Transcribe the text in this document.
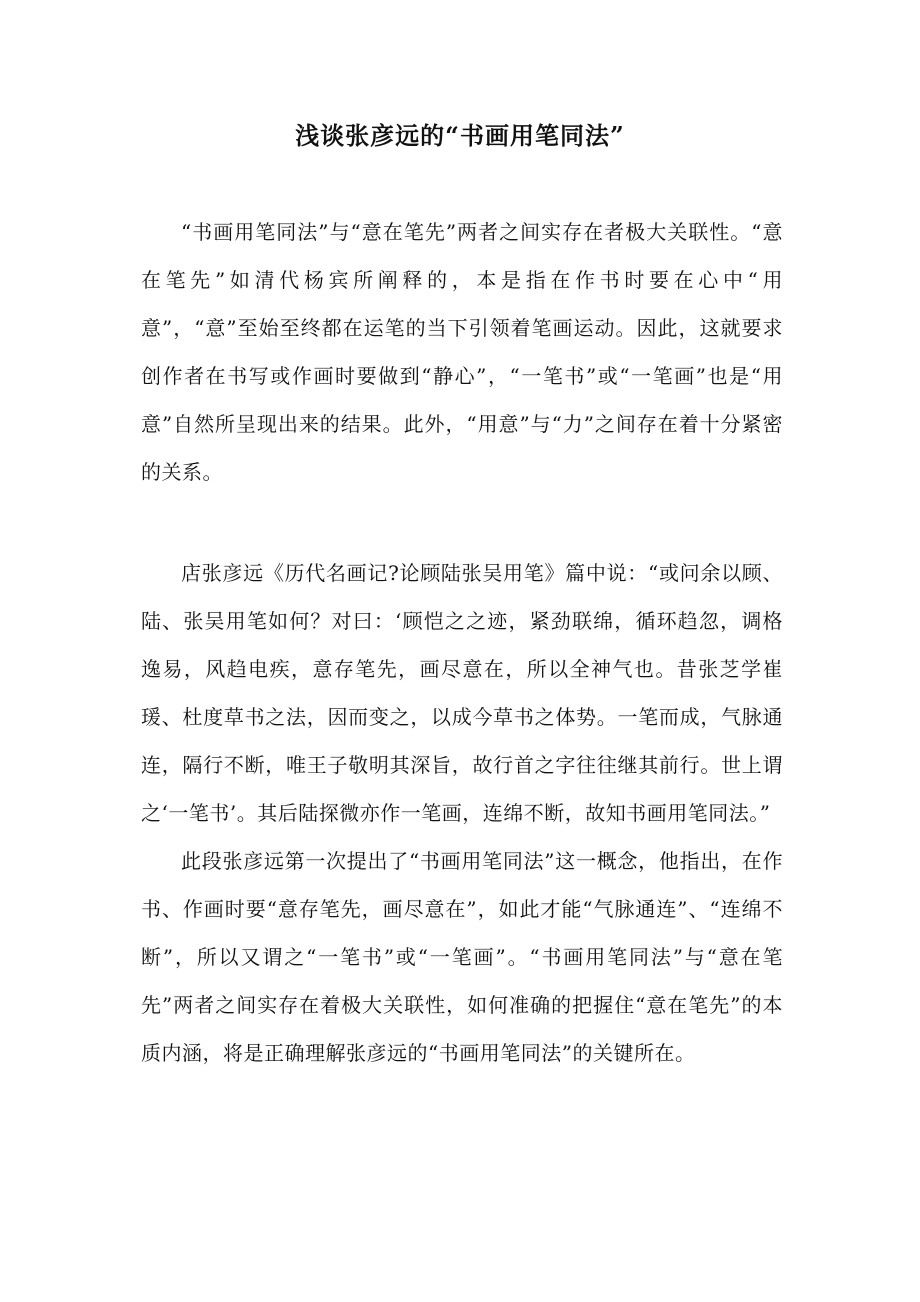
浅谈张彦远的“书画用笔同法”

“书画用笔同法”与“意在笔先”两者之间实存在者极大关联性。“意在笔先”如清代杨宾所阐释的，本是指在作书时要在心中“用意”，“意”至始至终都在运笔的当下引领着笔画运动。因此，这就要求创作者在书写或作画时要做到“静心”，“一笔书”或“一笔画”也是“用意”自然所呈现出来的结果。此外，“用意”与“力”之间存在着十分紧密的关系。

店张彦远《历代名画记?论顾陆张吴用笔》篇中说：“或问余以顾、陆、张吴用笔如何？对曰：‘顾恺之之迹，紧劲联绵，循环趋忽，调格逸易，风趋电疾，意存笔先，画尽意在，所以全神气也。昔张芝学崔瑗、杜度草书之法，因而变之，以成今草书之体势。一笔而成，气脉通连，隔行不断，唯王子敬明其深旨，故行首之字往往继其前行。世上谓之‘一笔书’。其后陆探微亦作一笔画，连绵不断，故知书画用笔同法。”

此段张彦远第一次提出了“书画用笔同法”这一概念，他指出，在作书、作画时要“意存笔先，画尽意在”，如此才能“气脉通连”、“连绵不断”，所以又谓之“一笔书”或“一笔画”。“书画用笔同法”与“意在笔先”两者之间实存在着极大关联性，如何准确的把握住“意在笔先”的本质内涵，将是正确理解张彦远的“书画用笔同法”的关键所在。
